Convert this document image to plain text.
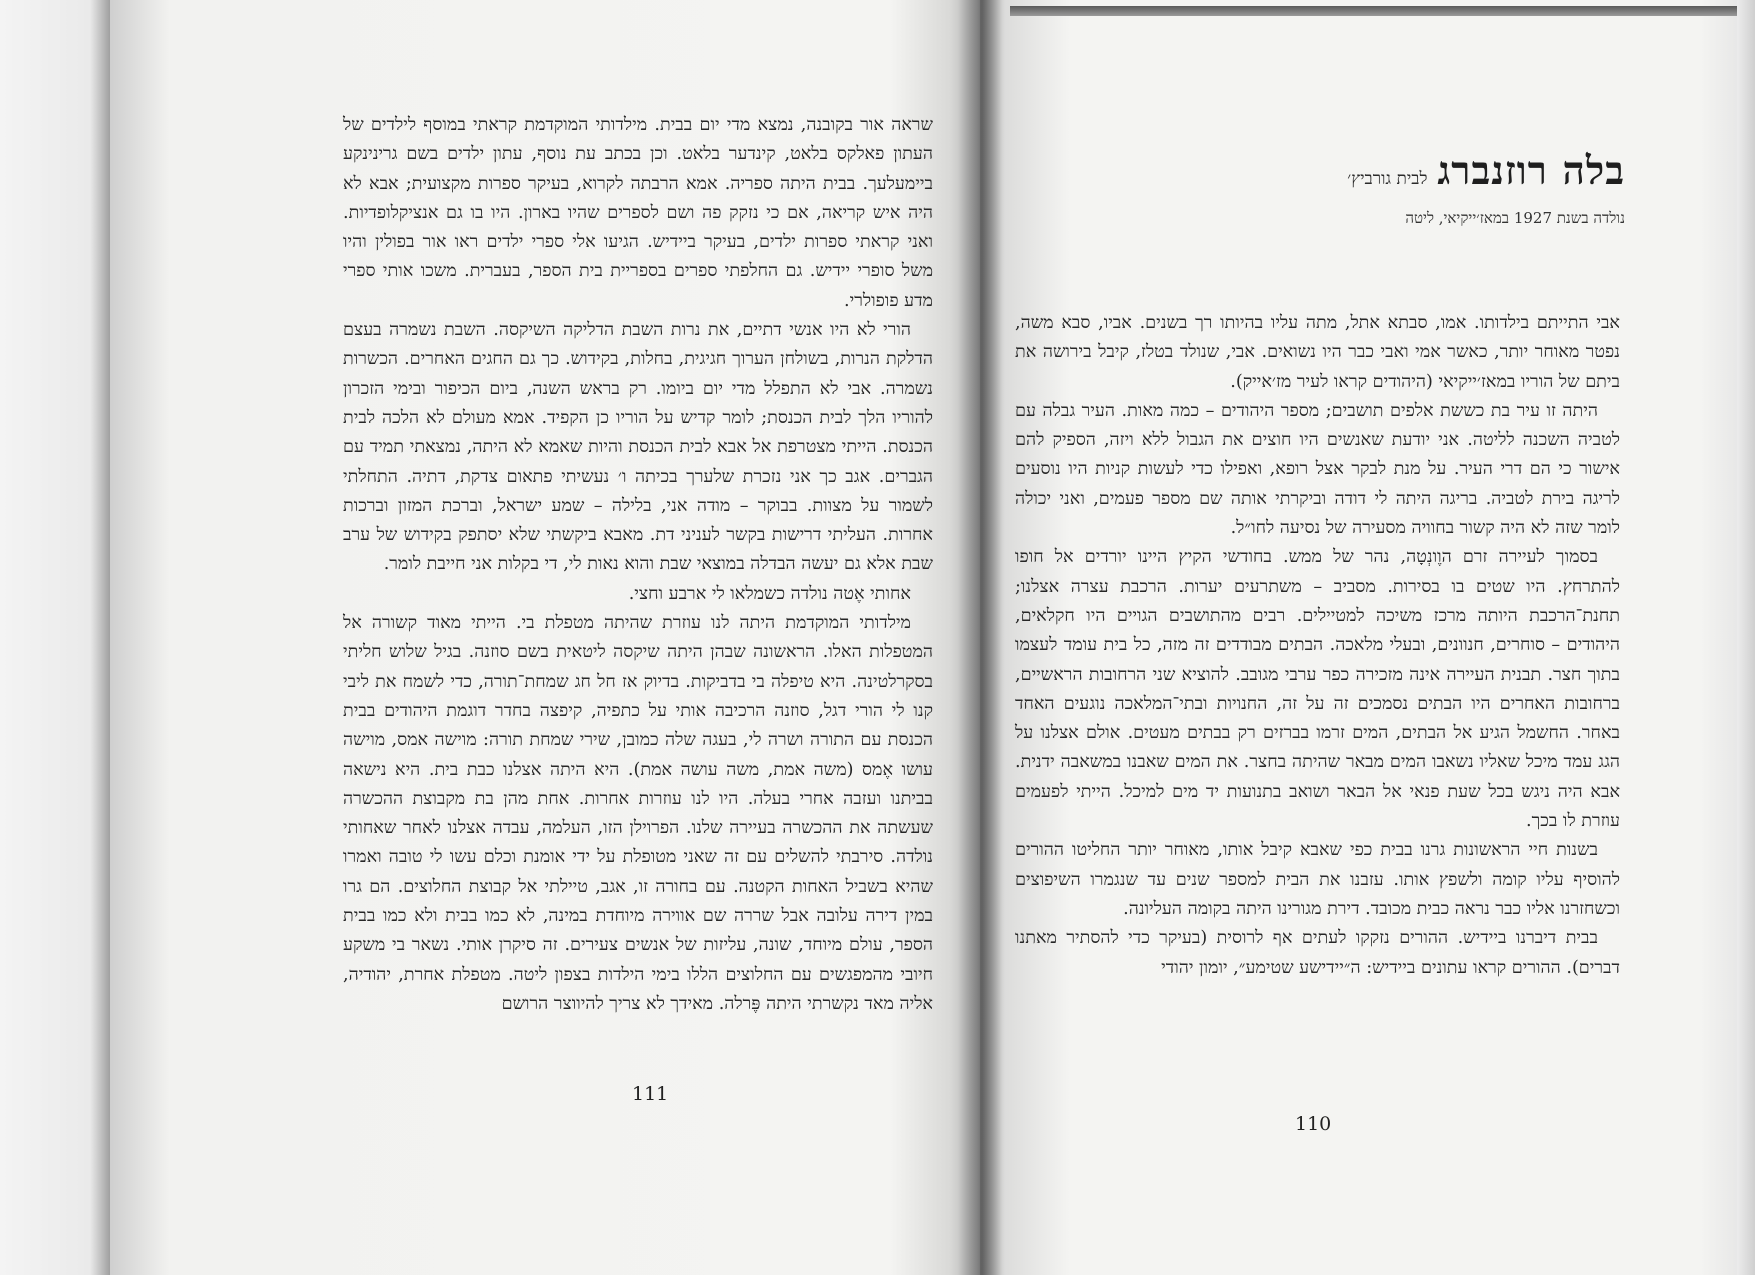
שראה אור בקובנה, נמצא מדי יום בבית. מילדותי המוקדמת קראתי במוסף לילדים של העתון פאלקס בלאט, קינדער בלאט. וכן בכתב עת נוסף, עתון ילדים בשם גרינינקע ביימעלעך. בבית היתה ספריה. אמא הרבתה לקרוא, בעיקר ספרות מקצועית; אבא לא היה איש קריאה, אם כי נזקק פה ושם לספרים שהיו בארון. היו בו גם אנציקלופדיות. ואני קראתי ספרות ילדים, בעיקר ביידיש. הגיעו אלי ספרי ילדים ראו אור בפולין והיו משל סופרי יידיש. גם החלפתי ספרים בספריית בית הספר, בעברית. משכו אותי ספרי מדע פופולרי.

הורי לא היו אנשי דתיים, את נרות השבת הדליקה השיקסה. השבת נשמרה בעצם הדלקת הנרות, בשולחן הערוך חגיגית, בחלות, בקידוש. כך גם החגים האחרים. הכשרות נשמרה. אבי לא התפלל מדי יום ביומו. רק בראש השנה, ביום הכיפור ובימי הזכרון להוריו הלך לבית הכנסת; לומר קדיש על הוריו כן הקפיד. אמא מעולם לא הלכה לבית הכנסת. הייתי מצטרפת אל אבא לבית הכנסת והיות שאמא לא היתה, נמצאתי תמיד עם הגברים. אגב כך אני נזכרת שלערך בכיתה ו׳ נעשיתי פתאום צדקת, דתיה. התחלתי לשמור על מצוות. בבוקר – מודה אני, בלילה – שמע ישראל, וברכת המזון וברכות אחרות. העליתי דרישות בקשר לעניני דת. מאבא ביקשתי שלא יסתפק בקידוש של ערב שבת אלא גם יעשה הבדלה במוצאי שבת והוא נאות לי, די בקלות אני חייבת לומר.

אחותי אֶטה נולדה כשמלאו לי ארבע וחצי.

מילדותי המוקדמת היתה לנו עוזרת שהיתה מטפלת בי. הייתי מאוד קשורה אל המטפלות האלו. הראשונה שבהן היתה שיקסה ליטאית בשם סוזנה. בגיל שלוש חליתי בסקרלטינה. היא טיפלה בי בדביקות. בדיוק אז חל חג שמחת־תורה, כדי לשמח את ליבי קנו לי הורי דגל, סוזנה הרכיבה אותי על כתפיה, קיפצה בחדר דוגמת היהודים בבית הכנסת עם התורה ושרה לי, בעגה שלה כמובן, שירי שמחת תורה: מוישה אמס, מוישה עושו אֶמס (משה אמת, משה עושה אמת). היא היתה אצלנו כבת בית. היא נישאה בביתנו ועזבה אחרי בעלה. היו לנו עוזרות אחרות. אחת מהן בת מקבוצת ההכשרה שעשתה את ההכשרה בעיירה שלנו. הפרוילן הזו, העלמה, עבדה אצלנו לאחר שאחותי נולדה. סירבתי להשלים עם זה שאני מטופלת על ידי אומנת וכלם עשו לי טובה ואמרו שהיא בשביל האחות הקטנה. עם בחורה זו, אגב, טיילתי אל קבוצת החלוצים. הם גרו במין דירה עלובה אבל שררה שם אווירה מיוחדת במינה, לא כמו בבית ולא כמו בבית הספר, עולם מיוחד, שונה, עליזות של אנשים צעירים. זה סיקרן אותי. נשאר בי משקע חיובי מהמפגשים עם החלוצים הללו בימי הילדות בצפון ליטה. מטפלת אחרת, יהודיה, אליה מאד נקשרתי היתה פֶּרלה. מאידך לא צריך להיווצר הרושם

111
בלה רוזנברגלבית גורביץ׳
נולדה בשנת 1927 במאז׳ייקיאי, ליטה

אבי התייתם בילדותו. אמו, סבתא אתל, מתה עליו בהיותו רך בשנים. אביו, סבא משה, נפטר מאוחר יותר, כאשר אמי ואבי כבר היו נשואים. אבי, שנולד בטלז, קיבל בירושה את ביתם של הוריו במאז׳ייקיאי (היהודים קראו לעיר מז׳אייק).

היתה זו עיר בת כששת אלפים תושבים; מספר היהודים – כמה מאות. העיר גבלה עם לטביה השכנה לליטה. אני יודעת שאנשים היו חוצים את הגבול ללא ויזה, הספיק להם אישור כי הם דרי העיר. על מנת לבקר אצל רופא, ואפילו כדי לעשות קניות היו נוסעים לריגה בירת לטביה. בריגה היתה לי דודה וביקרתי אותה שם מספר פעמים, ואני יכולה לומר שזה לא היה קשור בחוויה מסעירה של נסיעה לחו״ל.

בסמוך לעיירה זרם הוֶונְטָה, נהר של ממש. בחודשי הקיץ היינו יורדים אל חופו להתרחץ. היו שטים בו בסירות. מסביב – משתרעים יערות. הרכבת עצרה אצלנו; תחנת־הרכבת היותה מרכז משיכה למטיילים. רבים מהתושבים הגויים היו חקלאים, היהודים – סוחרים, חנוונים, ובעלי מלאכה. הבתים מבודדים זה מזה, כל בית עומד לעצמו בתוך חצר. תבנית העיירה אינה מזכירה כפר ערבי מגובב. להוציא שני הרחובות הראשיים, ברחובות האחרים היו הבתים נסמכים זה על זה, החנויות ובתי־המלאכה נוגעים האחד באחר. החשמל הגיע אל הבתים, המים זרמו בברזים רק בבתים מעטים. אולם אצלנו על הגג עמד מיכל שאליו נשאבו המים מבאר שהיתה בחצר. את המים שאבנו במשאבה ידנית. אבא היה ניגש בכל שעת פנאי אל הבאר ושואב בתנועות יד מים למיכל. הייתי לפעמים עוזרת לו בכך.

בשנות חיי הראשונות גרנו בבית כפי שאבא קיבל אותו, מאוחר יותר החליטו ההורים להוסיף עליו קומה ולשפץ אותו. עזבנו את הבית למספר שנים עד שנגמרו השיפוצים וכשחזרנו אליו כבר נראה כבית מכובד. דירת מגורינו היתה בקומה העליונה.

בבית דיברנו ביידיש. ההורים נזקקו לעתים אף לרוסית (בעיקר כדי להסתיר מאתנו דברים). ההורים קראו עתונים ביידיש: ה״יידישע שטימע״, יומון יהודי

110
